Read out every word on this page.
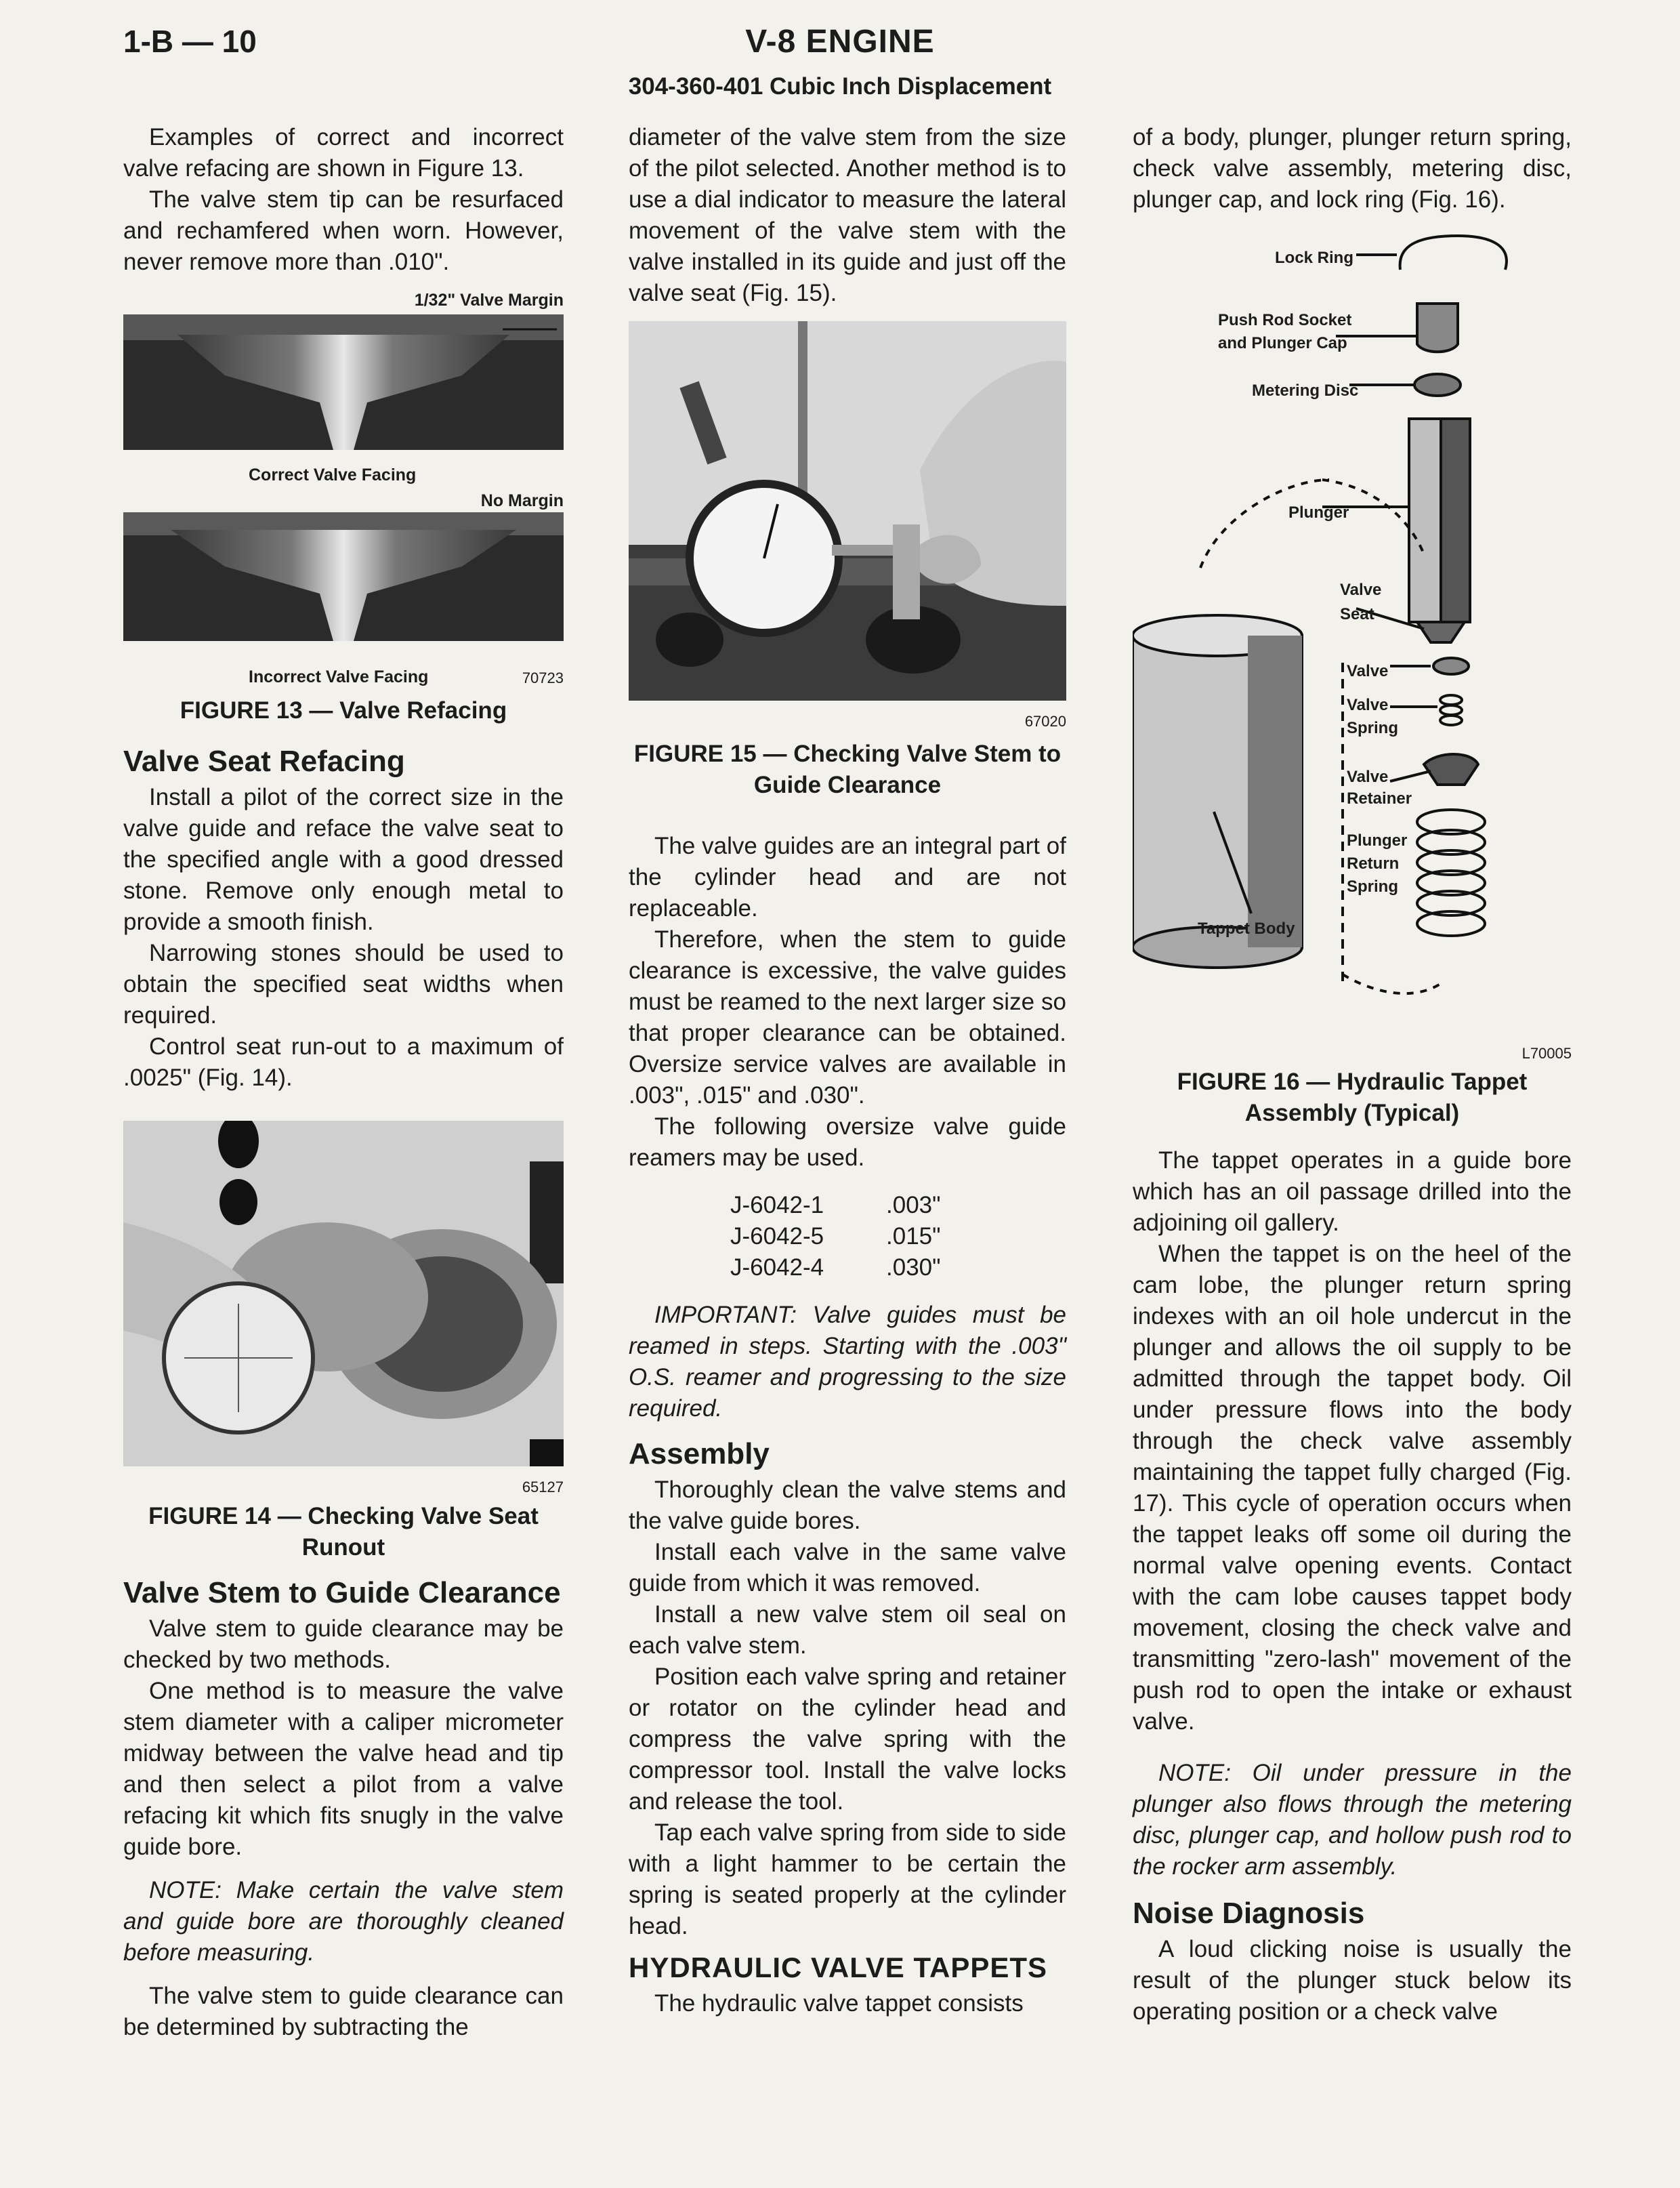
1-B — 10	V-8 ENGINE
304-360-401 Cubic Inch Displacement

Examples of correct and incorrect valve refacing are shown in Figure 13.

The valve stem tip can be resurfaced and rechamfered when worn. However, never remove more than .010".

1/32" Valve Margin
Correct Valve Facing
No Margin
Incorrect Valve Facing	70723
FIGURE 13 — Valve Refacing
Valve Seat Refacing

Install a pilot of the correct size in the valve guide and reface the valve seat to the specified angle with a good dressed stone. Remove only enough metal to provide a smooth finish.

Narrowing stones should be used to obtain the specified seat widths when required.

Control seat run-out to a maximum of .0025" (Fig. 14).

65127
FIGURE 14 — Checking Valve Seat Runout
Valve Stem to Guide Clearance

Valve stem to guide clearance may be checked by two methods.

One method is to measure the valve stem diameter with a caliper micrometer midway between the valve head and tip and then select a pilot from a valve refacing kit which fits snugly in the valve guide bore.

NOTE: Make certain the valve stem and guide bore are thoroughly cleaned before measuring.

The valve stem to guide clearance can be determined by subtracting the

diameter of the valve stem from the size of the pilot selected. Another method is to use a dial indicator to measure the lateral movement of the valve stem with the valve installed in its guide and just off the valve seat (Fig. 15).

67020
FIGURE 15 — Checking Valve Stem to Guide Clearance

The valve guides are an integral part of the cylinder head and are not replaceable.

Therefore, when the stem to guide clearance is excessive, the valve guides must be reamed to the next larger size so that proper clearance can be obtained. Oversize service valves are available in .003", .015" and .030".

The following oversize valve guide reamers may be used.

J-6042-1	.003"
J-6042-5	.015"
J-6042-4	.030"

IMPORTANT: Valve guides must be reamed in steps. Starting with the .003" O.S. reamer and progressing to the size required.

Assembly

Thoroughly clean the valve stems and the valve guide bores.

Install each valve in the same valve guide from which it was removed.

Install a new valve stem oil seal on each valve stem.

Position each valve spring and retainer or rotator on the cylinder head and compress the valve spring with the compressor tool. Install the valve locks and release the tool.

Tap each valve spring from side to side with a light hammer to be certain the spring is seated properly at the cylinder head.

HYDRAULIC VALVE TAPPETS

The hydraulic valve tappet consists

of a body, plunger, plunger return spring, check valve assembly, metering disc, plunger cap, and lock ring (Fig. 16).

Lock Ring
Push Rod Socket
and Plunger Cap
Metering Disc
Plunger
Valve
Seat
Valve
Valve
Spring
Valve
Retainer
Plunger
Return
Spring
Tappet Body
L70005
FIGURE 16 — Hydraulic Tappet Assembly (Typical)

The tappet operates in a guide bore which has an oil passage drilled into the adjoining oil gallery.

When the tappet is on the heel of the cam lobe, the plunger return spring indexes with an oil hole undercut in the plunger and allows the oil supply to be admitted through the tappet body. Oil under pressure flows into the body through the check valve assembly maintaining the tappet fully charged (Fig. 17). This cycle of operation occurs when the tappet leaks off some oil during the normal valve opening events. Contact with the cam lobe causes tappet body movement, closing the check valve and transmitting "zero-lash" movement of the push rod to open the intake or exhaust valve.

NOTE: Oil under pressure in the plunger also flows through the metering disc, plunger cap, and hollow push rod to the rocker arm assembly.

Noise Diagnosis

A loud clicking noise is usually the result of the plunger stuck below its operating position or a check valve
